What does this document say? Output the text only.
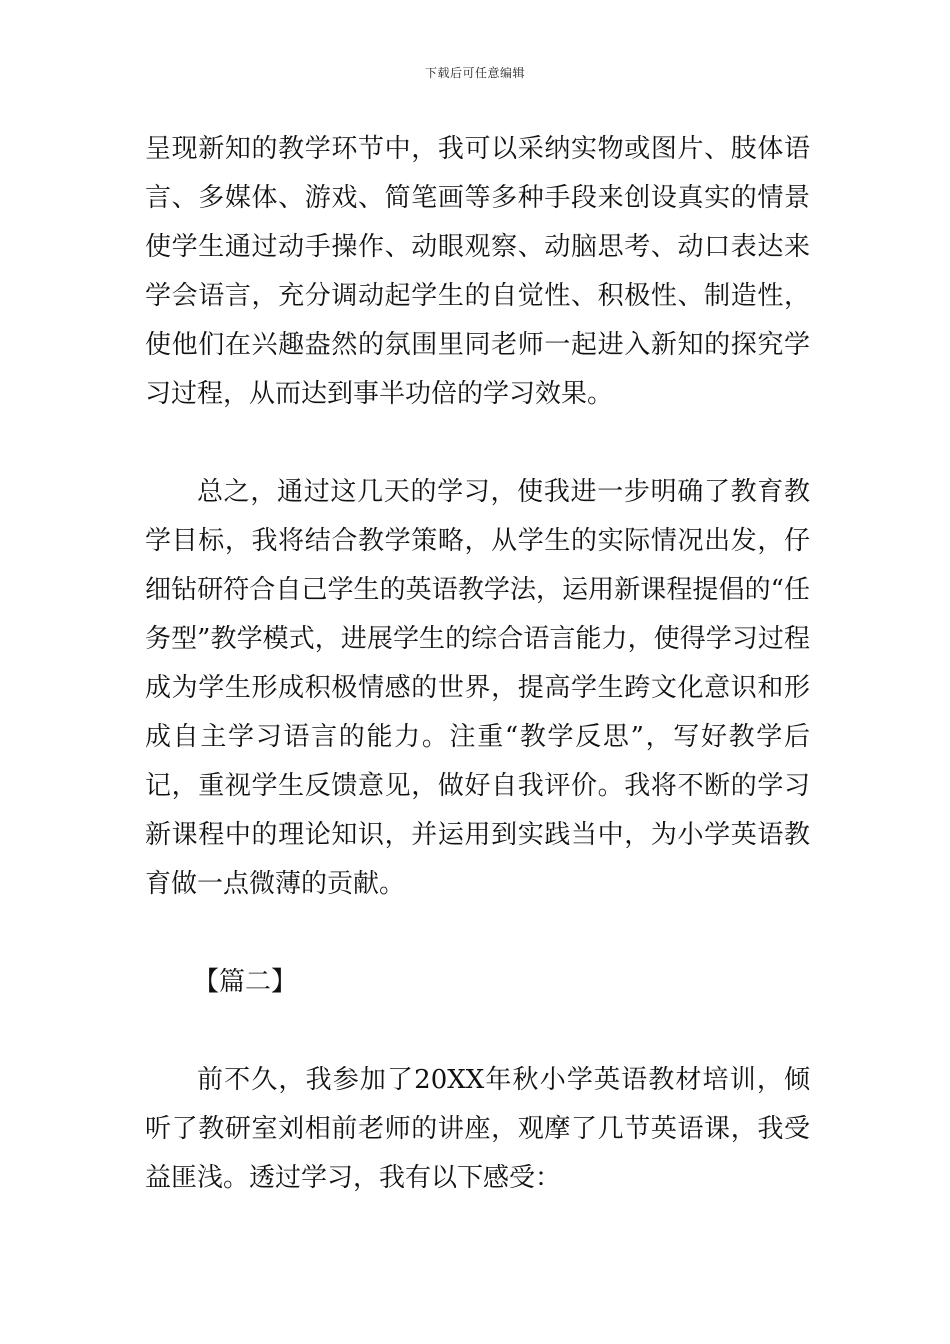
下载后可任意编辑

呈现新知的教学环节中，我可以采纳实物或图片、肢体语言、多媒体、游戏、简笔画等多种手段来创设真实的情景使学生通过动手操作、动眼观察、动脑思考、动口表达来学会语言，充分调动起学生的自觉性、积极性、制造性，使他们在兴趣盎然的氛围里同老师一起进入新知的探究学习过程，从而达到事半功倍的学习效果。

总之，通过这几天的学习，使我进一步明确了教育教学目标，我将结合教学策略，从学生的实际情况出发，仔细钻研符合自己学生的英语教学法，运用新课程提倡的“任务型”教学模式，进展学生的综合语言能力，使得学习过程成为学生形成积极情感的世界，提高学生跨文化意识和形成自主学习语言的能力。注重“教学反思”，写好教学后记，重视学生反馈意见，做好自我评价。我将不断的学习新课程中的理论知识，并运用到实践当中，为小学英语教育做一点微薄的贡献。

【篇二】

前不久，我参加了20XX年秋小学英语教材培训，倾听了教研室刘相前老师的讲座，观摩了几节英语课，我受益匪浅。透过学习，我有以下感受：
